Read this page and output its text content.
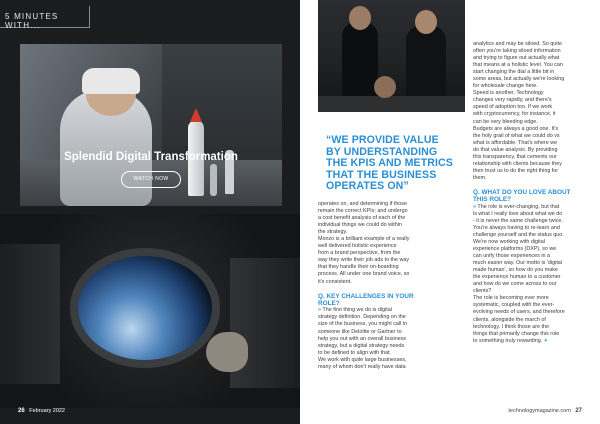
5 MINUTES WITH...
Splendid Digital Transformation
WATCH NOW
26 February 2022
“WE PROVIDE VALUE
BY UNDERSTANDING
THE KPIS AND METRICS
THAT THE BUSINESS
OPERATES ON”
operates on, and determining if those
remain the correct KPIs; and undergo
a cost benefit analysis of each of the
individual things we could do within
the strategy.
Monzo is a brilliant example of a really
well delivered holistic experience
from a brand perspective, from the
way they write their job ads to the way
that they handle their on-boarding
process. All under one brand voice, so
it's consistent.
Q. KEY CHALLENGES IN YOUR
ROLE?
» The first thing we do is digital
strategy definition. Depending on the
size of the business, you might call in
someone like Deloitte or Gartner to
help you out with an overall business
strategy, but a digital strategy needs
to be defined to align with that.
We work with quite large businesses,
many of whom don't really have data
analytics and may be siloed. So quite
often you're taking siloed information
and trying to figure out actually what
that means at a holistic level. You can
start changing the dial a little bit in
some areas, but actually we're looking
for wholesale change here.
Speed is another. Technology
changes very rapidly, and there's
speed of adoption too. If we work
with cryptocurrency, for instance, it
can be very bleeding edge.
Budgets are always a good one. It's
the holy grail of what we could do vs
what is affordable. That's where we
do that value analysis. By providing
this transparency, that cements our
relationship with clients because they
then trust us to do the right thing for
them.
Q. WHAT DO YOU LOVE ABOUT
THIS ROLE?
» The role is ever-changing, but that
is what I really love about what we do
- it is never the same challenge twice.
You're always having to re-learn and
challenge yourself and the status quo.
We're now working with digital
experience platforms (DXP), so we
can unify those experiences in a
much easier way. Our motto is 'digital
made human', so how do you make
the experience human to a customer
and how do we come across to our
clients?
The role is becoming ever more
systematic, coupled with the ever-
evolving needs of users, and therefore
clients, alongside the march of
technology. I think those are the
things that primarily change this role
to something truly rewarding. ✦
technologymagazine.com 27
